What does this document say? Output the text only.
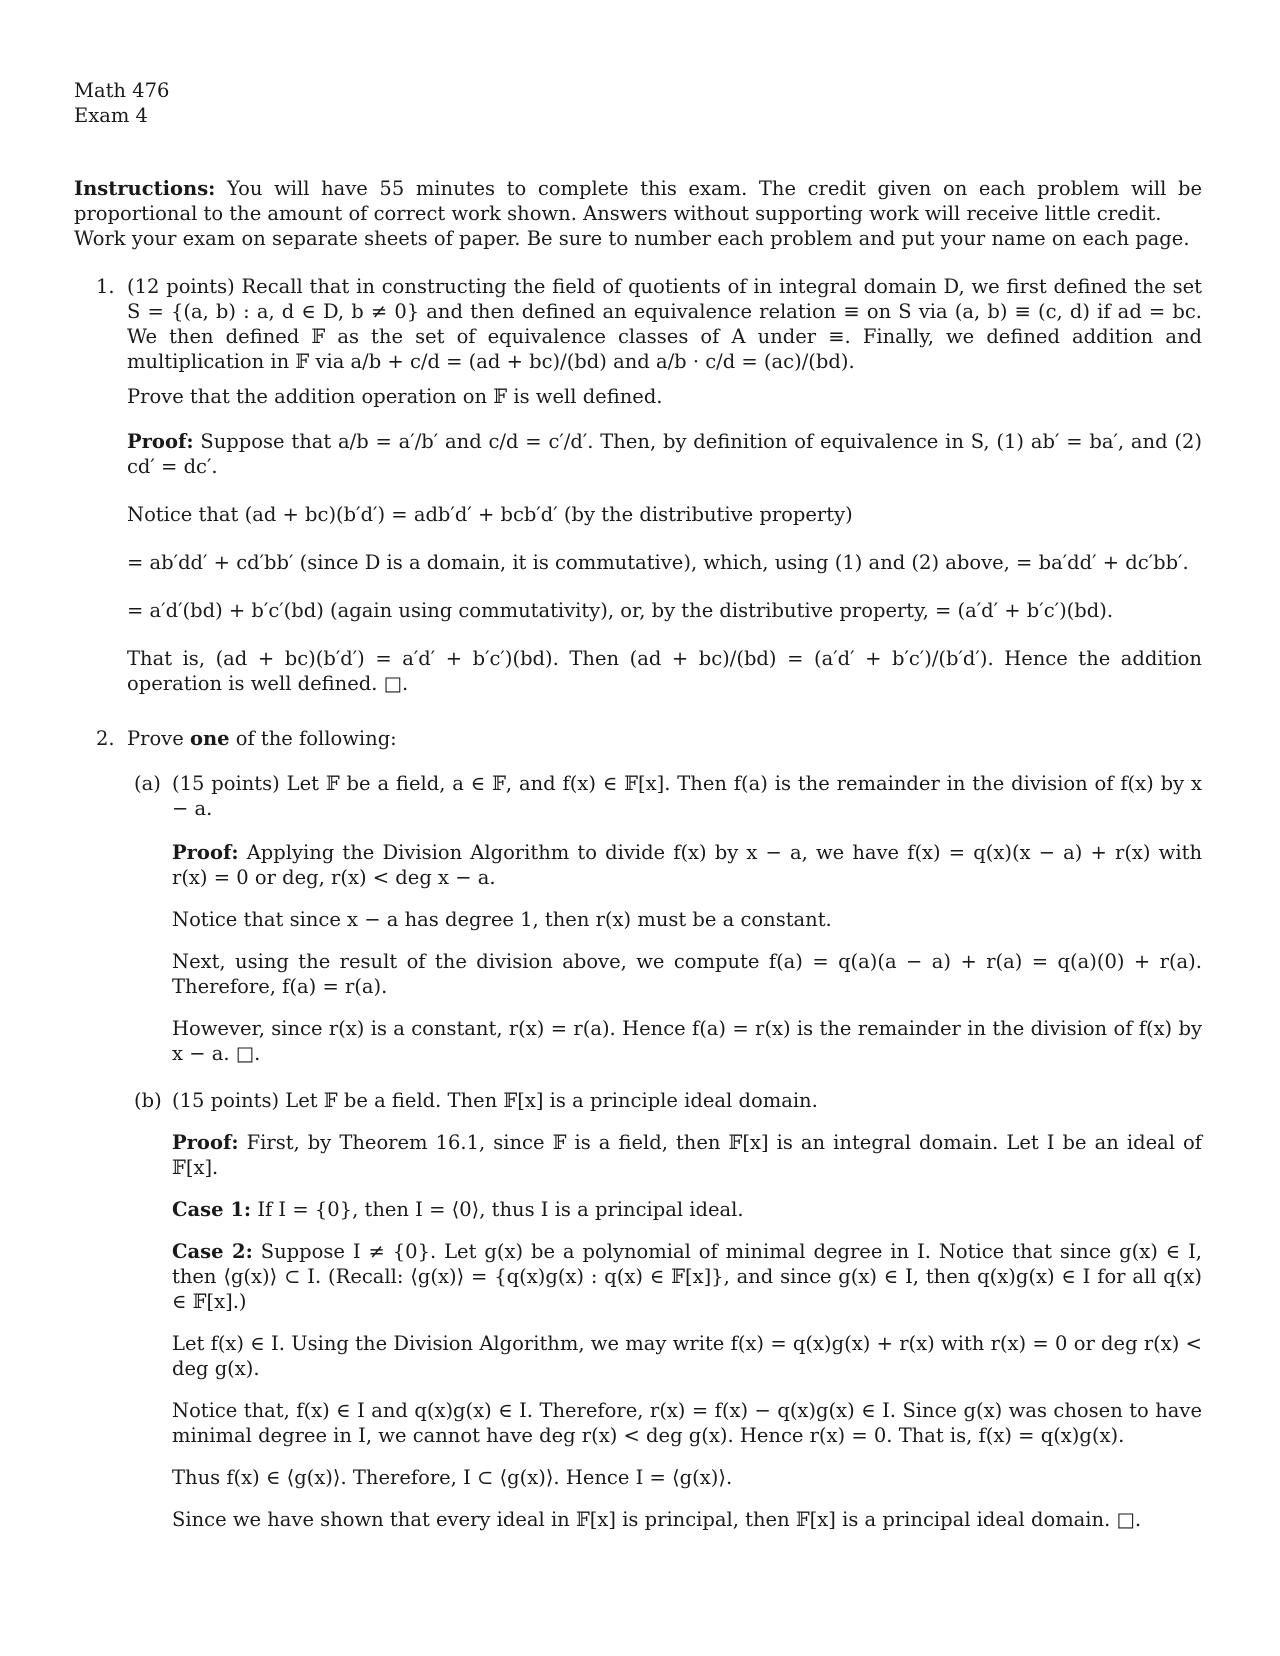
Math 476
Exam 4

Instructions: You will have 55 minutes to complete this exam. The credit given on each problem will be proportional to the amount of correct work shown. Answers without supporting work will receive little credit.

Work your exam on separate sheets of paper. Be sure to number each problem and put your name on each page.

1. (12 points) Recall that in constructing the field of quotients of in integral domain D, we first defined the set S = {(a, b) : a, d ∈ D, b ≠ 0} and then defined an equivalence relation ≡ on S via (a, b) ≡ (c, d) if ad = bc. We then defined 𝔽 as the set of equivalence classes of A under ≡. Finally, we defined addition and multiplication in 𝔽 via a/b + c/d = (ad + bc)/(bd) and a/b · c/d = (ac)/(bd).

Prove that the addition operation on 𝔽 is well defined.

Proof: Suppose that a/b = a′/b′ and c/d = c′/d′. Then, by definition of equivalence in S, (1) ab′ = ba′, and (2) cd′ = dc′.

Notice that (ad + bc)(b′d′) = adb′d′ + bcb′d′ (by the distributive property)

= ab′dd′ + cd′bb′ (since D is a domain, it is commutative), which, using (1) and (2) above, = ba′dd′ + dc′bb′.

= a′d′(bd) + b′c′(bd) (again using commutativity), or, by the distributive property, = (a′d′ + b′c′)(bd).

That is, (ad + bc)(b′d′) = a′d′ + b′c′)(bd). Then (ad + bc)/(bd) = (a′d′ + b′c′)/(b′d′). Hence the addition operation is well defined. □.

2. Prove one of the following:

(a) (15 points) Let 𝔽 be a field, a ∈ 𝔽, and f(x) ∈ 𝔽[x]. Then f(a) is the remainder in the division of f(x) by x − a.

Proof: Applying the Division Algorithm to divide f(x) by x − a, we have f(x) = q(x)(x − a) + r(x) with r(x) = 0 or deg, r(x) < deg x − a.

Notice that since x − a has degree 1, then r(x) must be a constant.

Next, using the result of the division above, we compute f(a) = q(a)(a − a) + r(a) = q(a)(0) + r(a). Therefore, f(a) = r(a).

However, since r(x) is a constant, r(x) = r(a). Hence f(a) = r(x) is the remainder in the division of f(x) by x − a. □.

(b) (15 points) Let 𝔽 be a field. Then 𝔽[x] is a principle ideal domain.

Proof: First, by Theorem 16.1, since 𝔽 is a field, then 𝔽[x] is an integral domain. Let I be an ideal of 𝔽[x].

Case 1: If I = {0}, then I = ⟨0⟩, thus I is a principal ideal.

Case 2: Suppose I ≠ {0}. Let g(x) be a polynomial of minimal degree in I. Notice that since g(x) ∈ I, then ⟨g(x)⟩ ⊂ I. (Recall: ⟨g(x)⟩ = {q(x)g(x) : q(x) ∈ 𝔽[x]}, and since g(x) ∈ I, then q(x)g(x) ∈ I for all q(x) ∈ 𝔽[x].)

Let f(x) ∈ I. Using the Division Algorithm, we may write f(x) = q(x)g(x) + r(x) with r(x) = 0 or deg r(x) < deg g(x).

Notice that, f(x) ∈ I and q(x)g(x) ∈ I. Therefore, r(x) = f(x) − q(x)g(x) ∈ I. Since g(x) was chosen to have minimal degree in I, we cannot have deg r(x) < deg g(x). Hence r(x) = 0. That is, f(x) = q(x)g(x).

Thus f(x) ∈ ⟨g(x)⟩. Therefore, I ⊂ ⟨g(x)⟩. Hence I = ⟨g(x)⟩.

Since we have shown that every ideal in 𝔽[x] is principal, then 𝔽[x] is a principal ideal domain. □.
